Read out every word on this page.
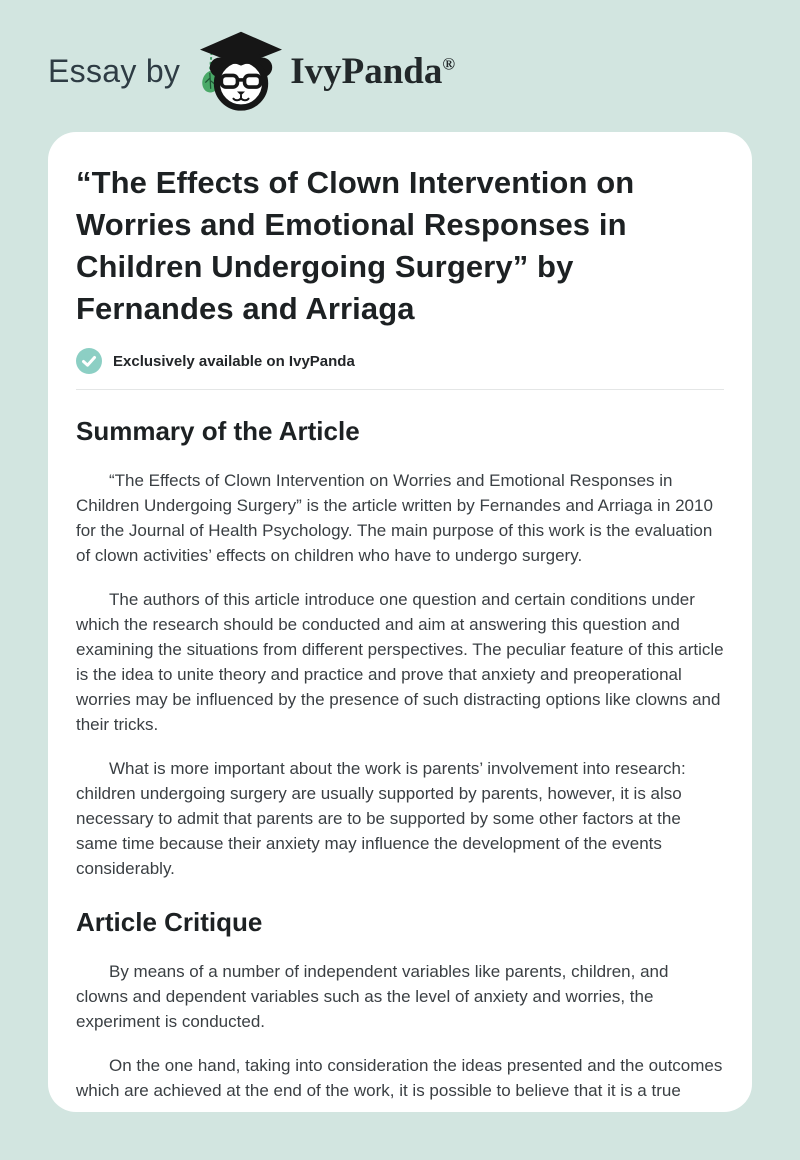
Essay by	IvyPanda®
“The Effects of Clown Intervention on Worries and Emotional Responses in Children Undergoing Surgery” by Fernandes and Arriaga
Exclusively available on IvyPanda
Summary of the Article

“The Effects of Clown Intervention on Worries and Emotional Responses in Children Undergoing Surgery” is the article written by Fernandes and Arriaga in 2010 for the Journal of Health Psychology. The main purpose of this work is the evaluation of clown activities’ effects on children who have to undergo surgery.

The authors of this article introduce one question and certain conditions under which the research should be conducted and aim at answering this question and examining the situations from different perspectives. The peculiar feature of this article is the idea to unite theory and practice and prove that anxiety and preoperational worries may be influenced by the presence of such distracting options like clowns and their tricks.

What is more important about the work is parents’ involvement into research: children undergoing surgery are usually supported by parents, however, it is also necessary to admit that parents are to be supported by some other factors at the same time because their anxiety may influence the development of the events considerably.

Article Critique

By means of a number of independent variables like parents, children, and clowns and dependent variables such as the level of anxiety and worries, the experiment is conducted.

On the one hand, taking into consideration the ideas presented and the outcomes which are achieved at the end of the work, it is possible to believe that it is a true
